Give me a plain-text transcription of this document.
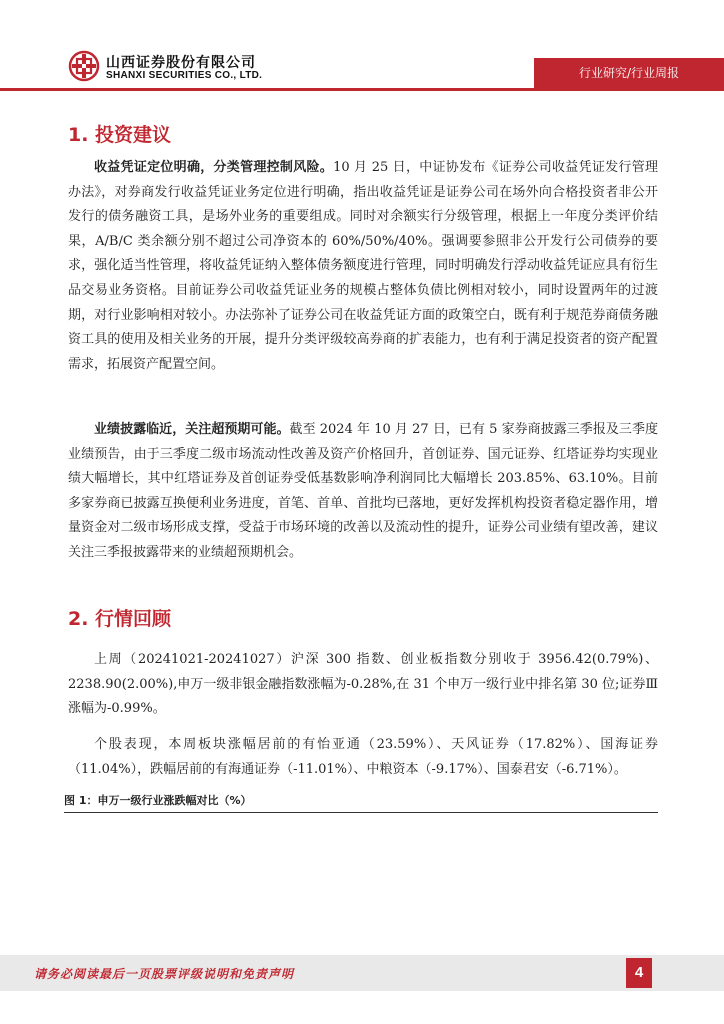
山西证券股份有限公司
SHANXI SECURITIES CO., LTD.	行业研究/行业周报
1. 投资建议

收益凭证定位明确，分类管理控制风险。10 月 25 日，中证协发布《证券公司收益凭证发行管理办法》，对券商发行收益凭证业务定位进行明确，指出收益凭证是证券公司在场外向合格投资者非公开发行的债务融资工具，是场外业务的重要组成。同时对余额实行分级管理，根据上一年度分类评价结果，A/B/C 类余额分别不超过公司净资本的 60%/50%/40%。强调要参照非公开发行公司债券的要求，强化适当性管理，将收益凭证纳入整体债务额度进行管理，同时明确发行浮动收益凭证应具有衍生品交易业务资格。目前证券公司收益凭证业务的规模占整体负债比例相对较小，同时设置两年的过渡期，对行业影响相对较小。办法弥补了证券公司在收益凭证方面的政策空白，既有利于规范券商债务融资工具的使用及相关业务的开展，提升分类评级较高券商的扩表能力，也有利于满足投资者的资产配置需求，拓展资产配置空间。

业绩披露临近，关注超预期可能。截至 2024 年 10 月 27 日，已有 5 家券商披露三季报及三季度业绩预告，由于三季度二级市场流动性改善及资产价格回升，首创证券、国元证券、红塔证券均实现业绩大幅增长，其中红塔证券及首创证券受低基数影响净利润同比大幅增长 203.85%、63.10%。目前多家券商已披露互换便利业务进度，首笔、首单、首批均已落地，更好发挥机构投资者稳定器作用，增量资金对二级市场形成支撑，受益于市场环境的改善以及流动性的提升，证券公司业绩有望改善，建议关注三季报披露带来的业绩超预期机会。

2. 行情回顾

上周（20241021-20241027）沪深 300 指数、创业板指数分别收于 3956.42(0.79%)、2238.90(2.00%),申万一级非银金融指数涨幅为-0.28%,在 31 个申万一级行业中排名第 30 位;证券Ⅲ涨幅为-0.99%。

个股表现，本周板块涨幅居前的有怡亚通（23.59%）、天风证券（17.82%）、国海证券（11.04%），跌幅居前的有海通证券（-11.01%）、中粮资本（-9.17%）、国泰君安（-6.71%）。

图 1：申万一级行业涨跌幅对比（%）
请务必阅读最后一页股票评级说明和免责声明	4
